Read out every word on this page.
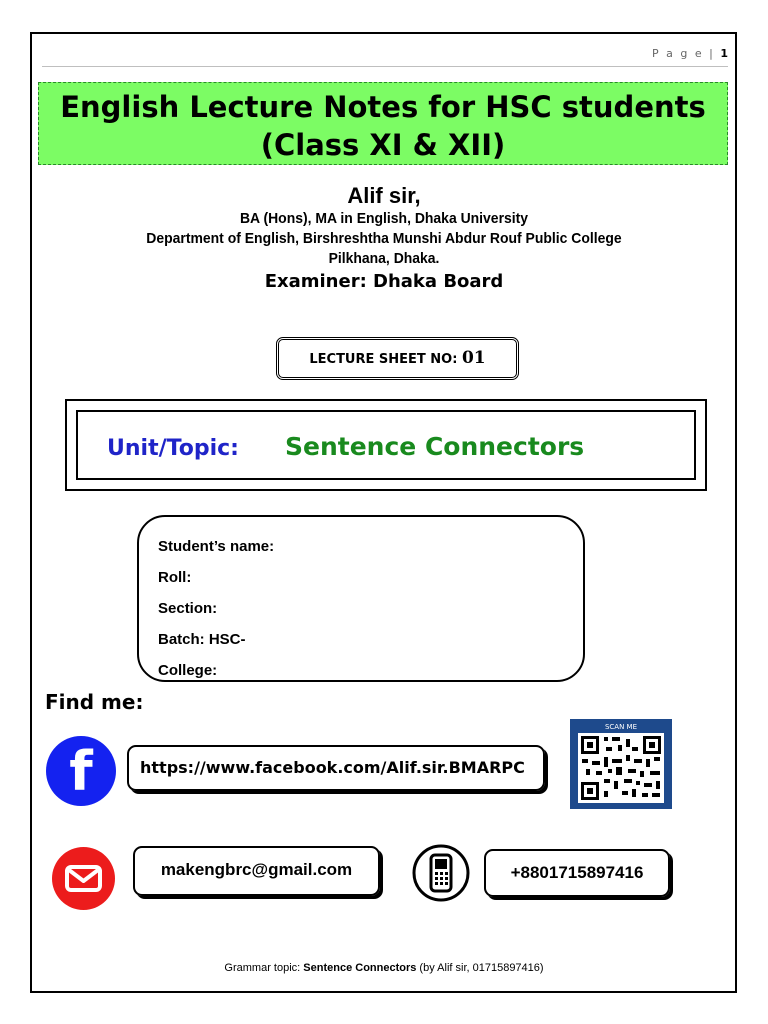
P a g e | 1
English Lecture Notes for HSC students
(Class XI & XII)
Alif sir,
BA (Hons), MA in English, Dhaka University
Department of English, Birshreshtha Munshi Abdur Rouf Public College
Pilkhana, Dhaka.
Examiner: Dhaka Board
LECTURE SHEET NO: 01
Unit/Topic: Sentence Connectors
Student’s name:
Roll:
Section:
Batch: HSC-
College:
Find me:
f	https://www.facebook.com/Alif.sir.BMARPC
SCAN ME
makengbrc@gmail.com	+8801715897416
Grammar topic: Sentence Connectors (by Alif sir, 01715897416)
